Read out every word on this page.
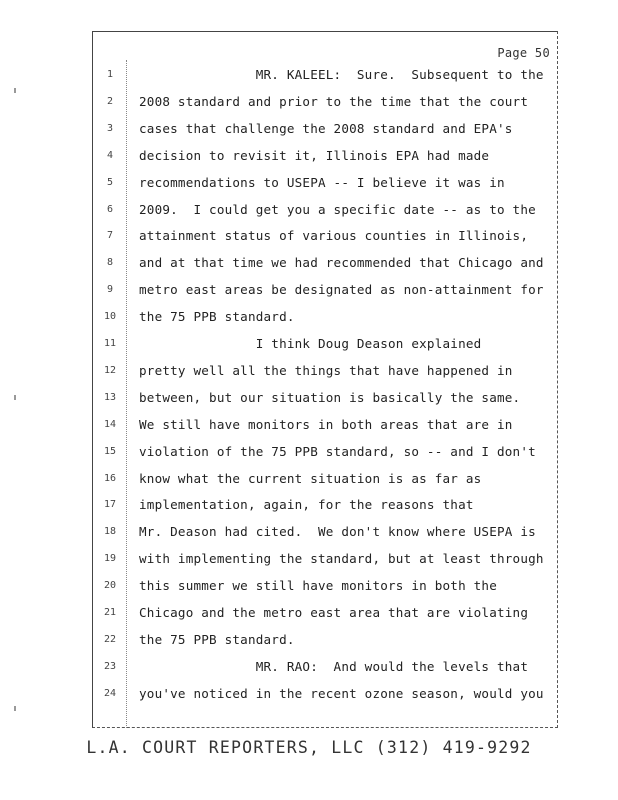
Page 50
1	MR. KALEEL:  Sure.  Subsequent to the
2	2008 standard and prior to the time that the court
3	cases that challenge the 2008 standard and EPA's
4	decision to revisit it, Illinois EPA had made
5	recommendations to USEPA -- I believe it was in
6	2009.  I could get you a specific date -- as to the
7	attainment status of various counties in Illinois,
8	and at that time we had recommended that Chicago and
9	metro east areas be designated as non-attainment for
10	the 75 PPB standard.
11	I think Doug Deason explained
12	pretty well all the things that have happened in
13	between, but our situation is basically the same.
14	We still have monitors in both areas that are in
15	violation of the 75 PPB standard, so -- and I don't
16	know what the current situation is as far as
17	implementation, again, for the reasons that
18	Mr. Deason had cited.  We don't know where USEPA is
19	with implementing the standard, but at least through
20	this summer we still have monitors in both the
21	Chicago and the metro east area that are violating
22	the 75 PPB standard.
23	MR. RAO:  And would the levels that
24	you've noticed in the recent ozone season, would you
L.A. COURT REPORTERS, LLC (312) 419-9292
